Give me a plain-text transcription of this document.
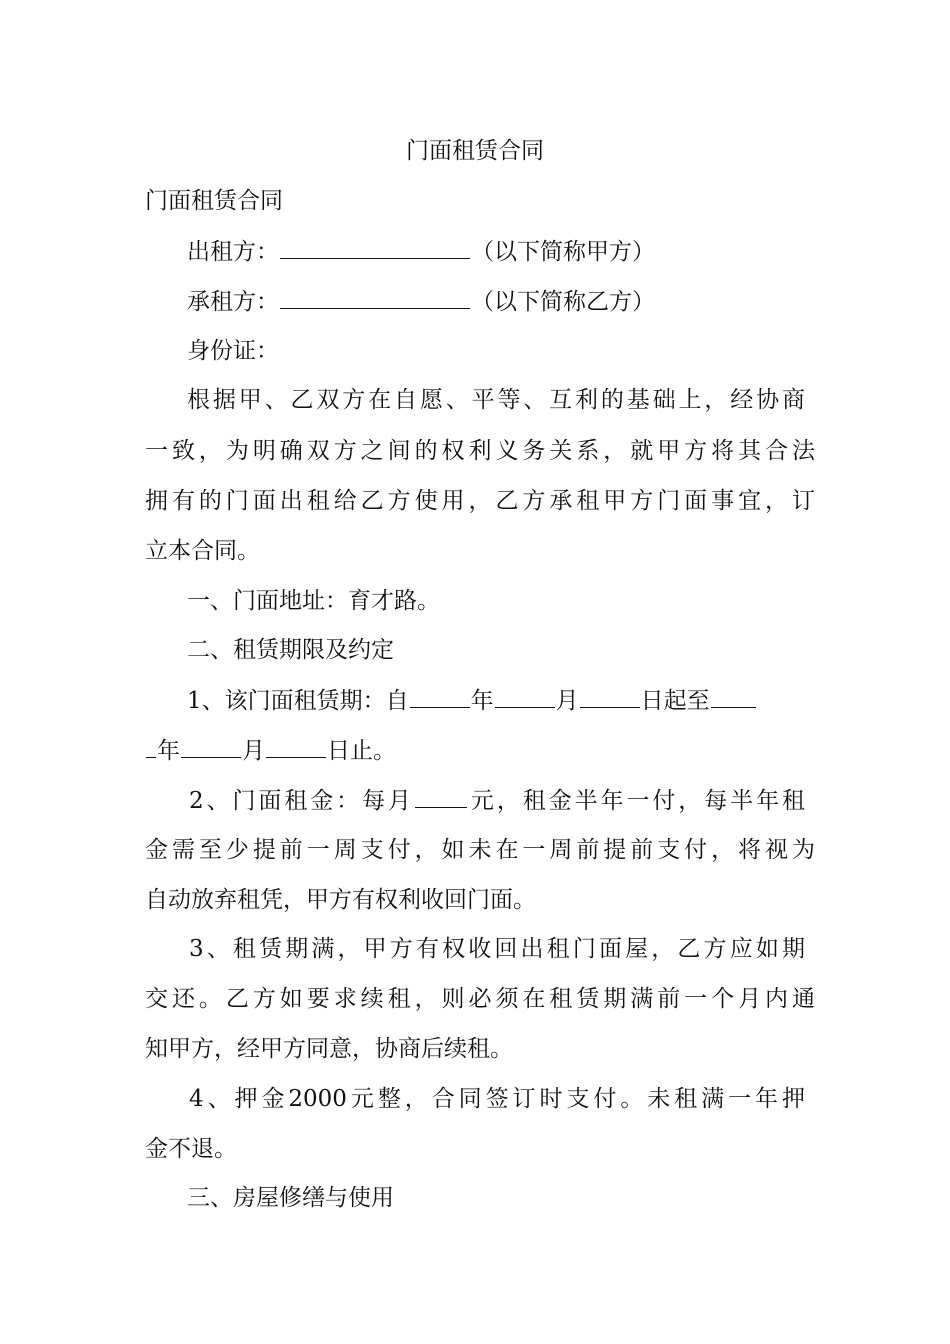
门面租赁合同
门面租赁合同
出租方：	（以下简称甲方）
承租方：	（以下简称乙方）
身份证：
根据甲、乙双方在自愿、平等、互利的基础上，经协商
一致，为明确双方之间的权利义务关系，就甲方将其合法
拥有的门面出租给乙方使用，乙方承租甲方门面事宜，订
立本合同。
一、门面地址：育才路。
二、租赁期限及约定
1、该门面租赁期：自	年	月	日起至
年	月	日止。
2、门面租金：每月 元，租金半年一付，每半年租
金需至少提前一周支付，如未在一周前提前支付，将视为
自动放弃租凭，甲方有权利收回门面。
3、租赁期满，甲方有权收回出租门面屋，乙方应如期
交还。乙方如要求续租，则必须在租赁期满前一个月内通
知甲方，经甲方同意，协商后续租。
4、押金2000元整，合同签订时支付。未租满一年押
金不退。
三、房屋修缮与使用
